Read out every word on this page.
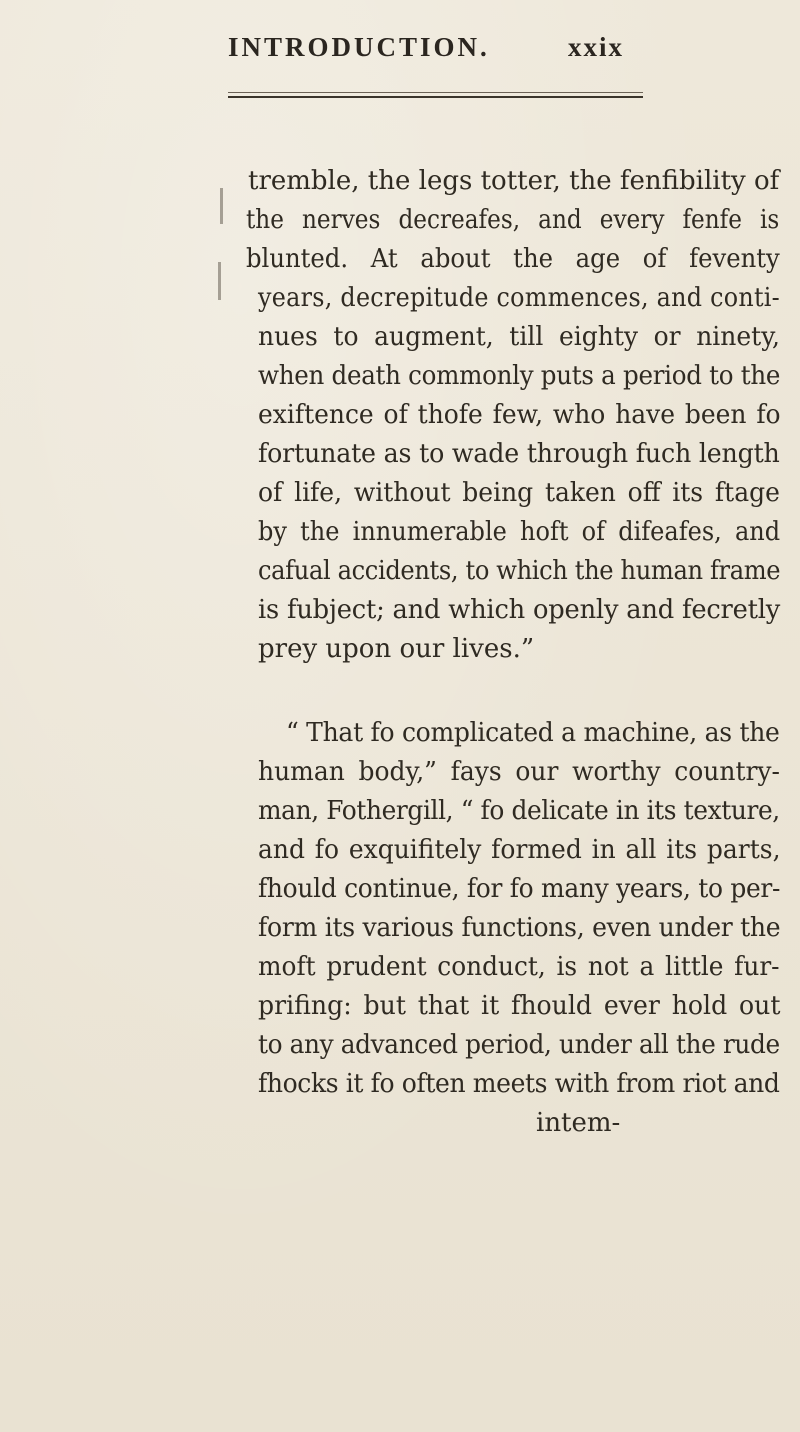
INTRODUCTION.	xxix
tremble, the legs totter, the fenfibility of
the nerves decreafes, and every fenfe is
blunted. At about the age of feventy
years, decrepitude commences, and conti-
nues to augment, till eighty or ninety,
when death commonly puts a period to the
exiftence of thofe few, who have been fo
fortunate as to wade through fuch length
of life, without being taken off its ftage
by the innumerable hoft of difeafes, and
cafual accidents, to which the human frame
is fubject; and which openly and fecretly
prey upon our lives.”
“ That fo complicated a machine, as the
human body,” fays our worthy country-
man, Fothergill, “ fo delicate in its texture,
and fo exquifitely formed in all its parts,
fhould continue, for fo many years, to per-
form its various functions, even under the
moft prudent conduct, is not a little fur-
prifing: but that it fhould ever hold out
to any advanced period, under all the rude
fhocks it fo often meets with from riot and
intem-
